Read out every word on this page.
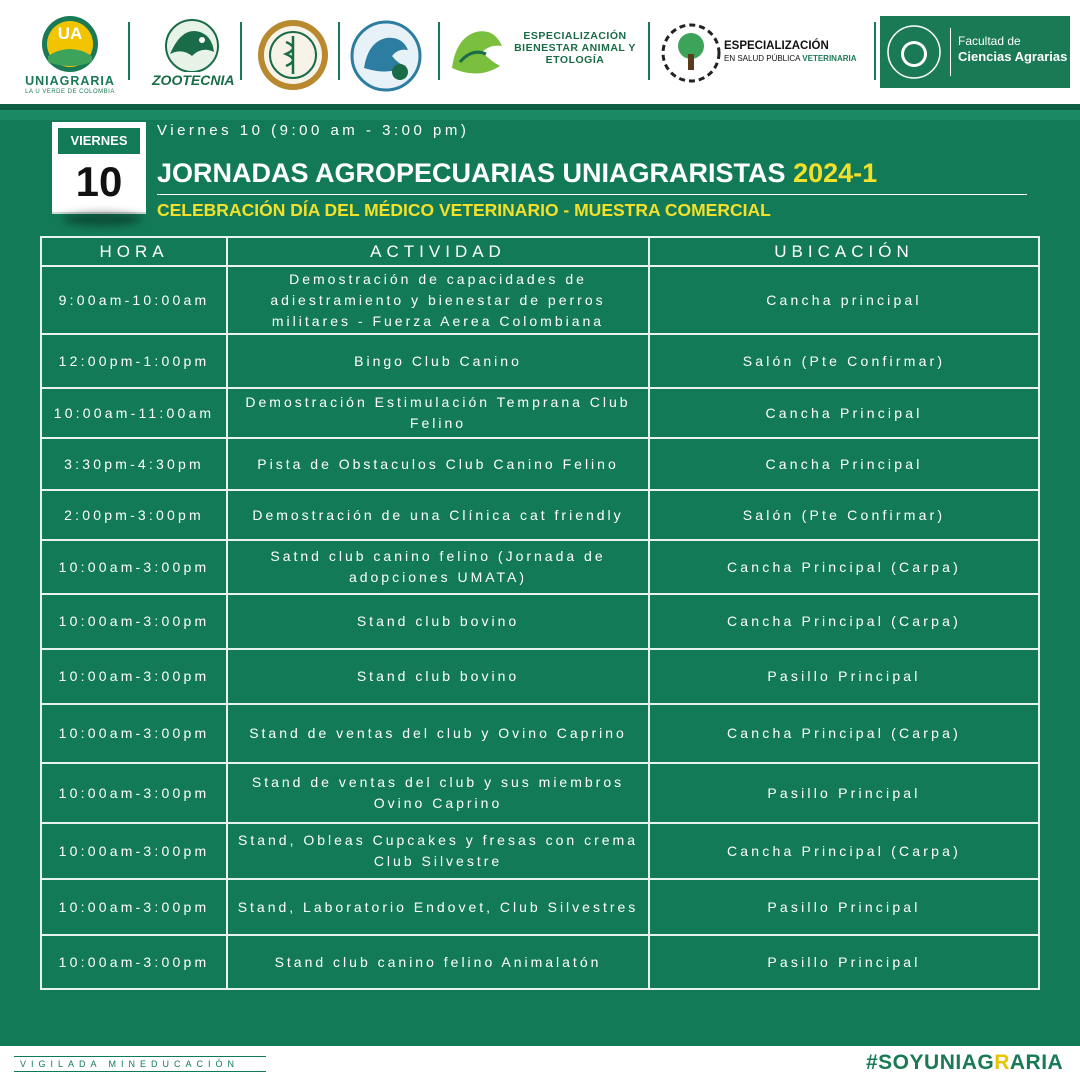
UA
UNIAGRARIA
LA U VERDE DE COLOMBIA
ZOOTECNIA
ESPECIALIZACIÓN BIENESTAR ANIMAL Y ETOLOGÍA
ESPECIALIZACIÓN
EN SALUD PÚBLICA VETERINARIA
Facultad de
Ciencias Agrarias
VIERNES
10
Viernes 10 (9:00 am - 3:00 pm)
JORNADAS AGROPECUARIAS UNIAGRARISTAS 2024-1
CELEBRACIÓN DÍA DEL MÉDICO VETERINARIO - MUESTRA COMERCIAL
HORA	ACTIVIDAD	UBICACIÓN
9:00am-10:00am	Demostración de capacidades de adiestramiento y bienestar de perros militares - Fuerza Aerea Colombiana	Cancha principal
12:00pm-1:00pm	Bingo Club Canino	Salón (Pte Confirmar)
10:00am-11:00am	Demostración Estimulación Temprana Club Felino	Cancha Principal
3:30pm-4:30pm	Pista de Obstaculos Club Canino Felino	Cancha Principal
2:00pm-3:00pm	Demostración de una Clínica cat friendly	Salón (Pte Confirmar)
10:00am-3:00pm	Satnd club canino felino (Jornada de adopciones UMATA)	Cancha Principal (Carpa)
10:00am-3:00pm	Stand club bovino	Cancha Principal (Carpa)
10:00am-3:00pm	Stand club bovino	Pasillo Principal
10:00am-3:00pm	Stand de ventas del club y Ovino Caprino	Cancha Principal (Carpa)
10:00am-3:00pm	Stand de ventas del club y sus miembros Ovino Caprino	Pasillo Principal
10:00am-3:00pm	Stand, Obleas Cupcakes y fresas con crema Club Silvestre	Cancha Principal (Carpa)
10:00am-3:00pm	Stand, Laboratorio Endovet, Club Silvestres	Pasillo Principal
10:00am-3:00pm	Stand club canino felino Animalatón	Pasillo Principal
VIGILADA MINEDUCACIÓN	#SOYUNIAGRARIA
